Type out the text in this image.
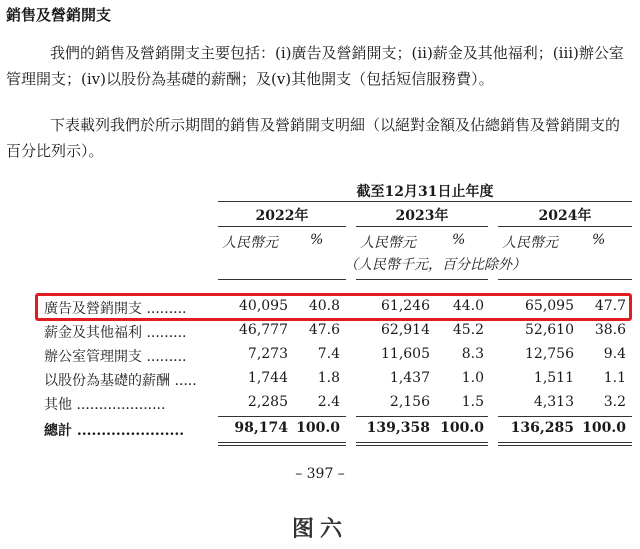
銷售及營銷開支
我們的銷售及營銷開支主要包括：(i)廣告及營銷開支；(ii)薪金及其他福利；(iii)辦公室管理開支；(iv)以股份為基礎的薪酬；及(v)其他開支（包括短信服務費）。
下表載列我們於所示期間的銷售及營銷開支明細（以絕對金額及佔總銷售及營銷開支的百分比列示）。
截至12月31日止年度
2022年	2023年	2024年
人民幣元 %	人民幣元	%	人民幣元 %
（人民幣千元，百分比除外）
廣告及營銷開支 .........	40,095	40.8	61,246	44.0	65,095	47.7
薪金及其他福利 .........	46,777	47.6	62,914	45.2	52,610	38.6
辦公室管理開支 .........	7,273	7.4	11,605	8.3	12,756	9.4
以股份為基礎的薪酬 .....	1,744	1.8	1,437	1.0	1,511	1.1
其他 ....................	2,285	2.4	2,156	1.5	4,313	3.2
總計 ......................	98,174 100.0	139,358 100.0	136,285 100.0
– 397 –
图六
